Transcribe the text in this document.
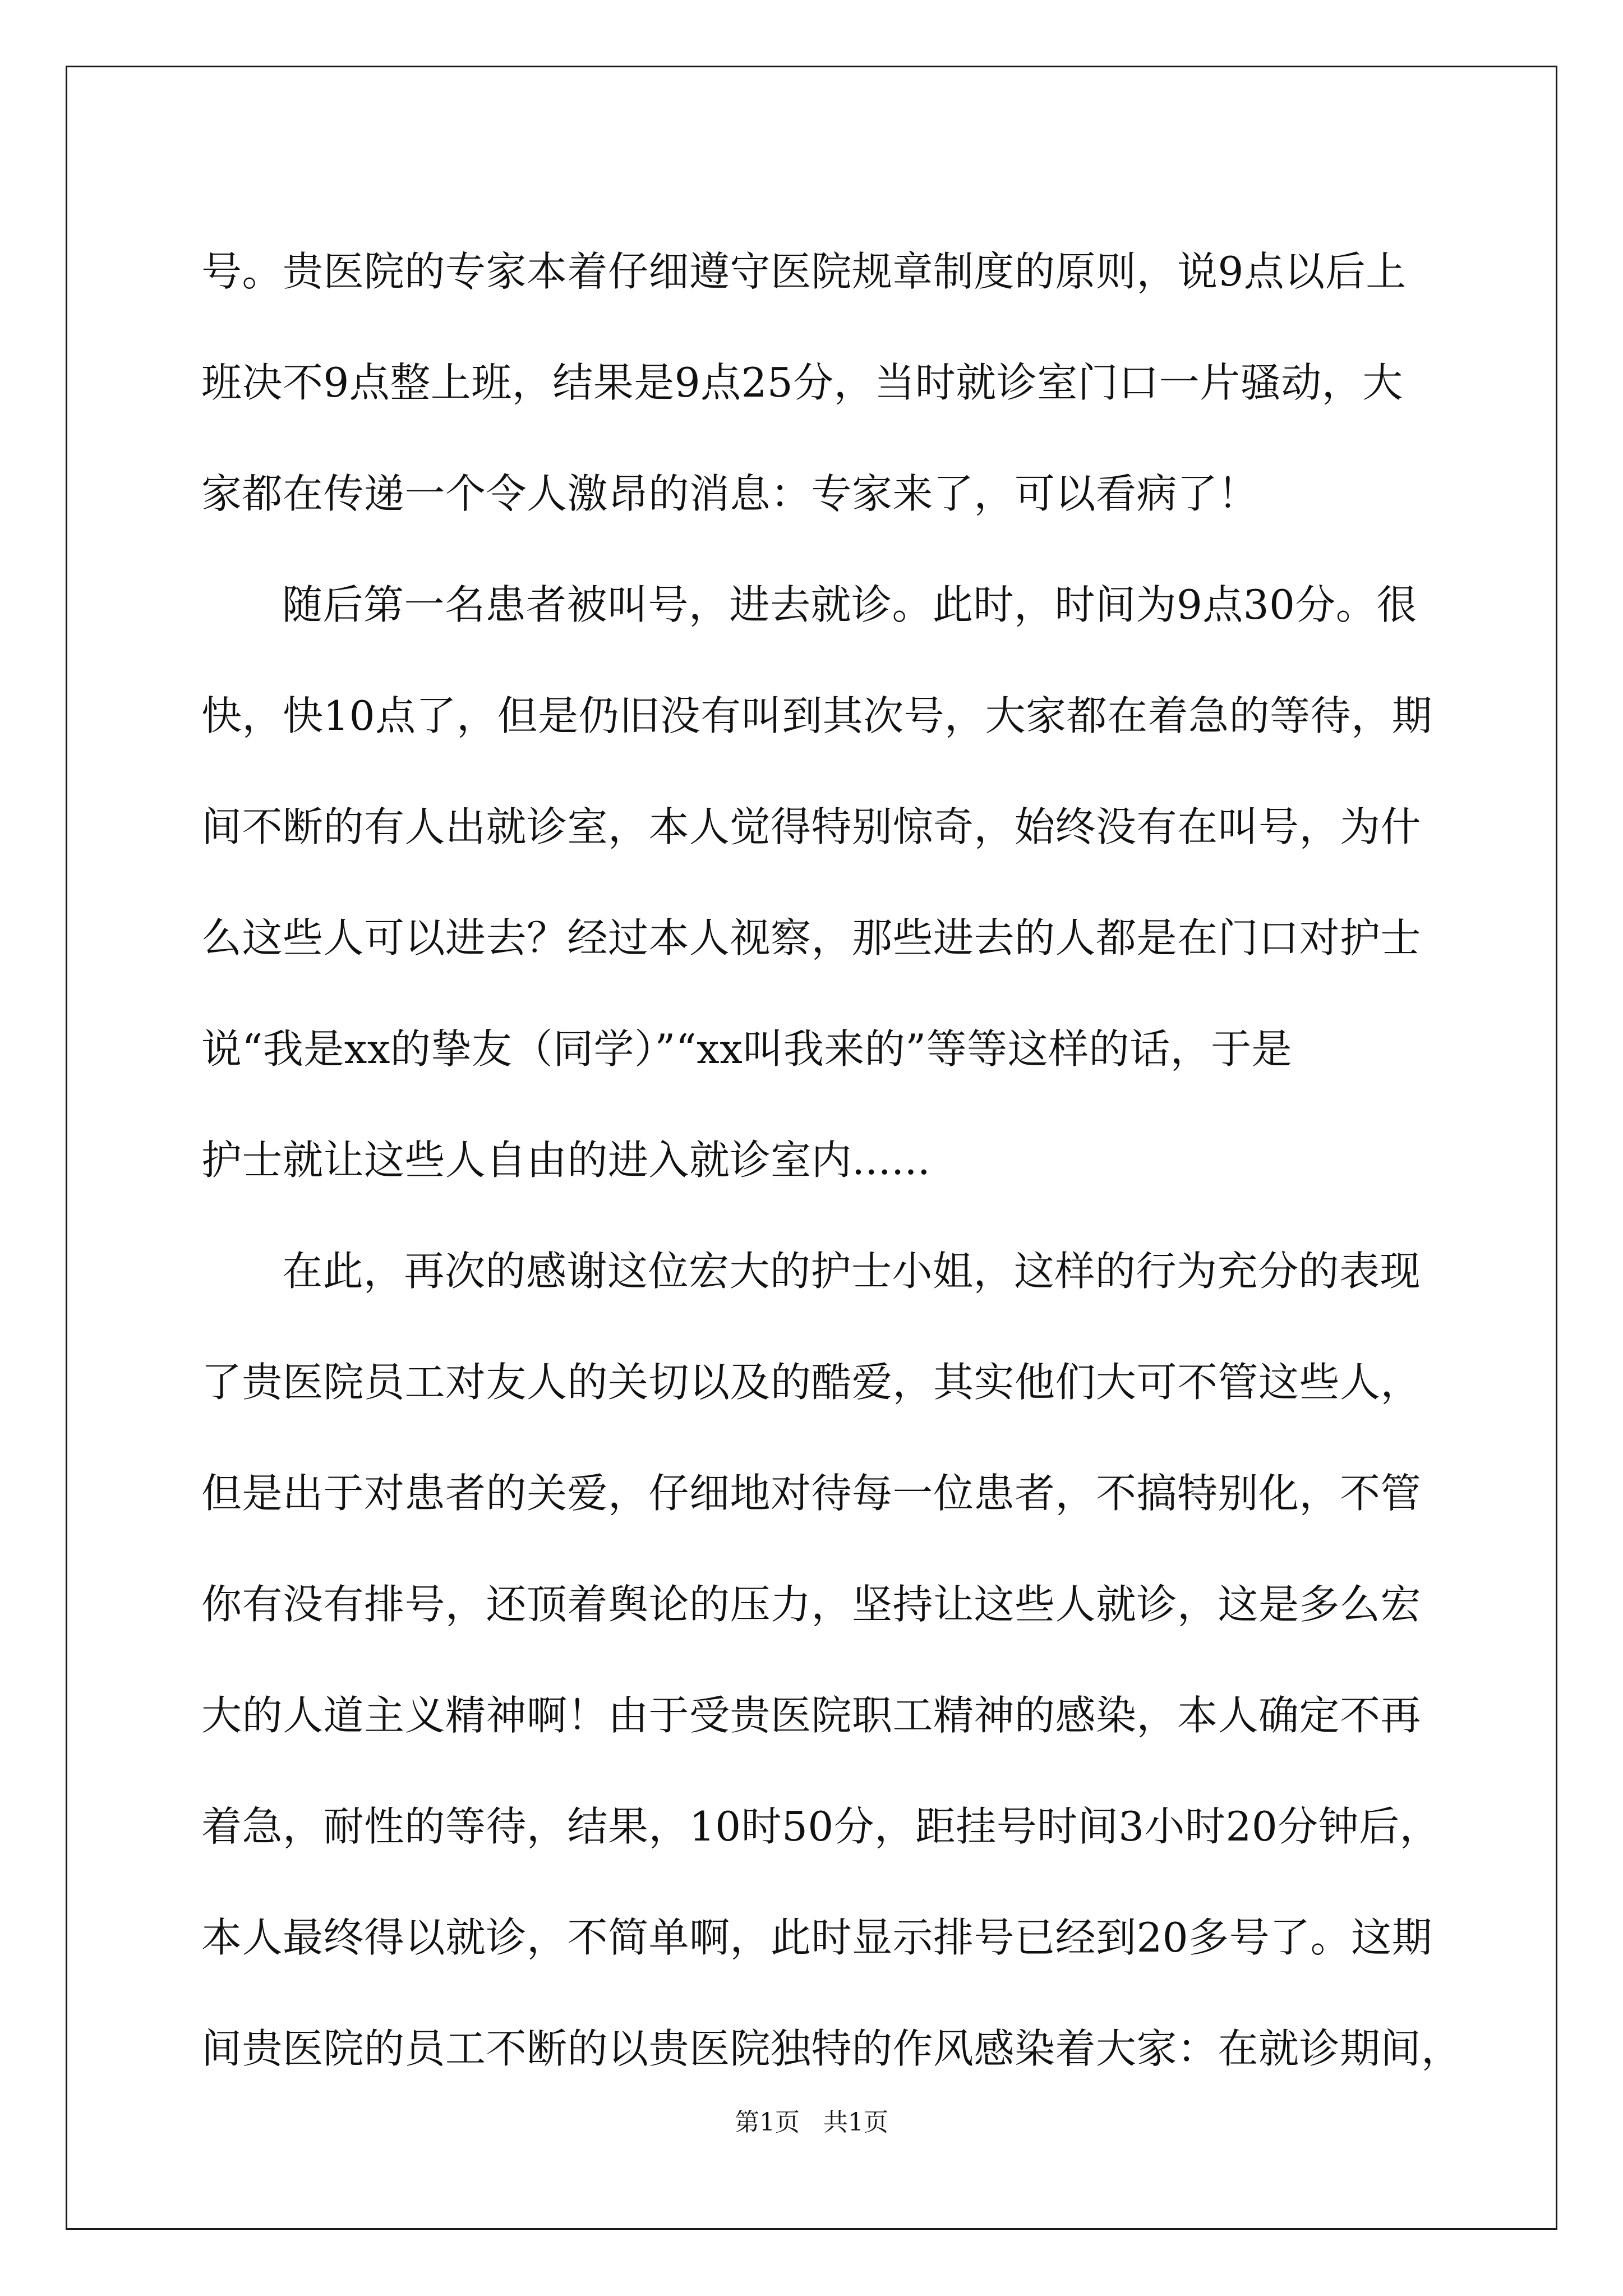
号。贵医院的专家本着仔细遵守医院规章制度的原则，说9点以后上
班决不9点整上班，结果是9点25分，当时就诊室门口一片骚动，大
家都在传递一个令人激昂的消息：专家来了，可以看病了！
随后第一名患者被叫号，进去就诊。此时，时间为9点30分。很
快，快10点了，但是仍旧没有叫到其次号，大家都在着急的等待，期
间不断的有人出就诊室，本人觉得特别惊奇，始终没有在叫号，为什
么这些人可以进去？经过本人视察，那些进去的人都是在门口对护士
说“我是xx的挚友（同学）”“xx叫我来的”等等这样的话，于是
护士就让这些人自由的进入就诊室内......
在此，再次的感谢这位宏大的护士小姐，这样的行为充分的表现
了贵医院员工对友人的关切以及的酷爱，其实他们大可不管这些人，
但是出于对患者的关爱，仔细地对待每一位患者，不搞特别化，不管
你有没有排号，还顶着舆论的压力，坚持让这些人就诊，这是多么宏
大的人道主义精神啊！由于受贵医院职工精神的感染，本人确定不再
着急，耐性的等待，结果，10时50分，距挂号时间3小时20分钟后，
本人最终得以就诊，不简单啊，此时显示排号已经到20多号了。这期
间贵医院的员工不断的以贵医院独特的作风感染着大家：在就诊期间，
第1页   共1页
